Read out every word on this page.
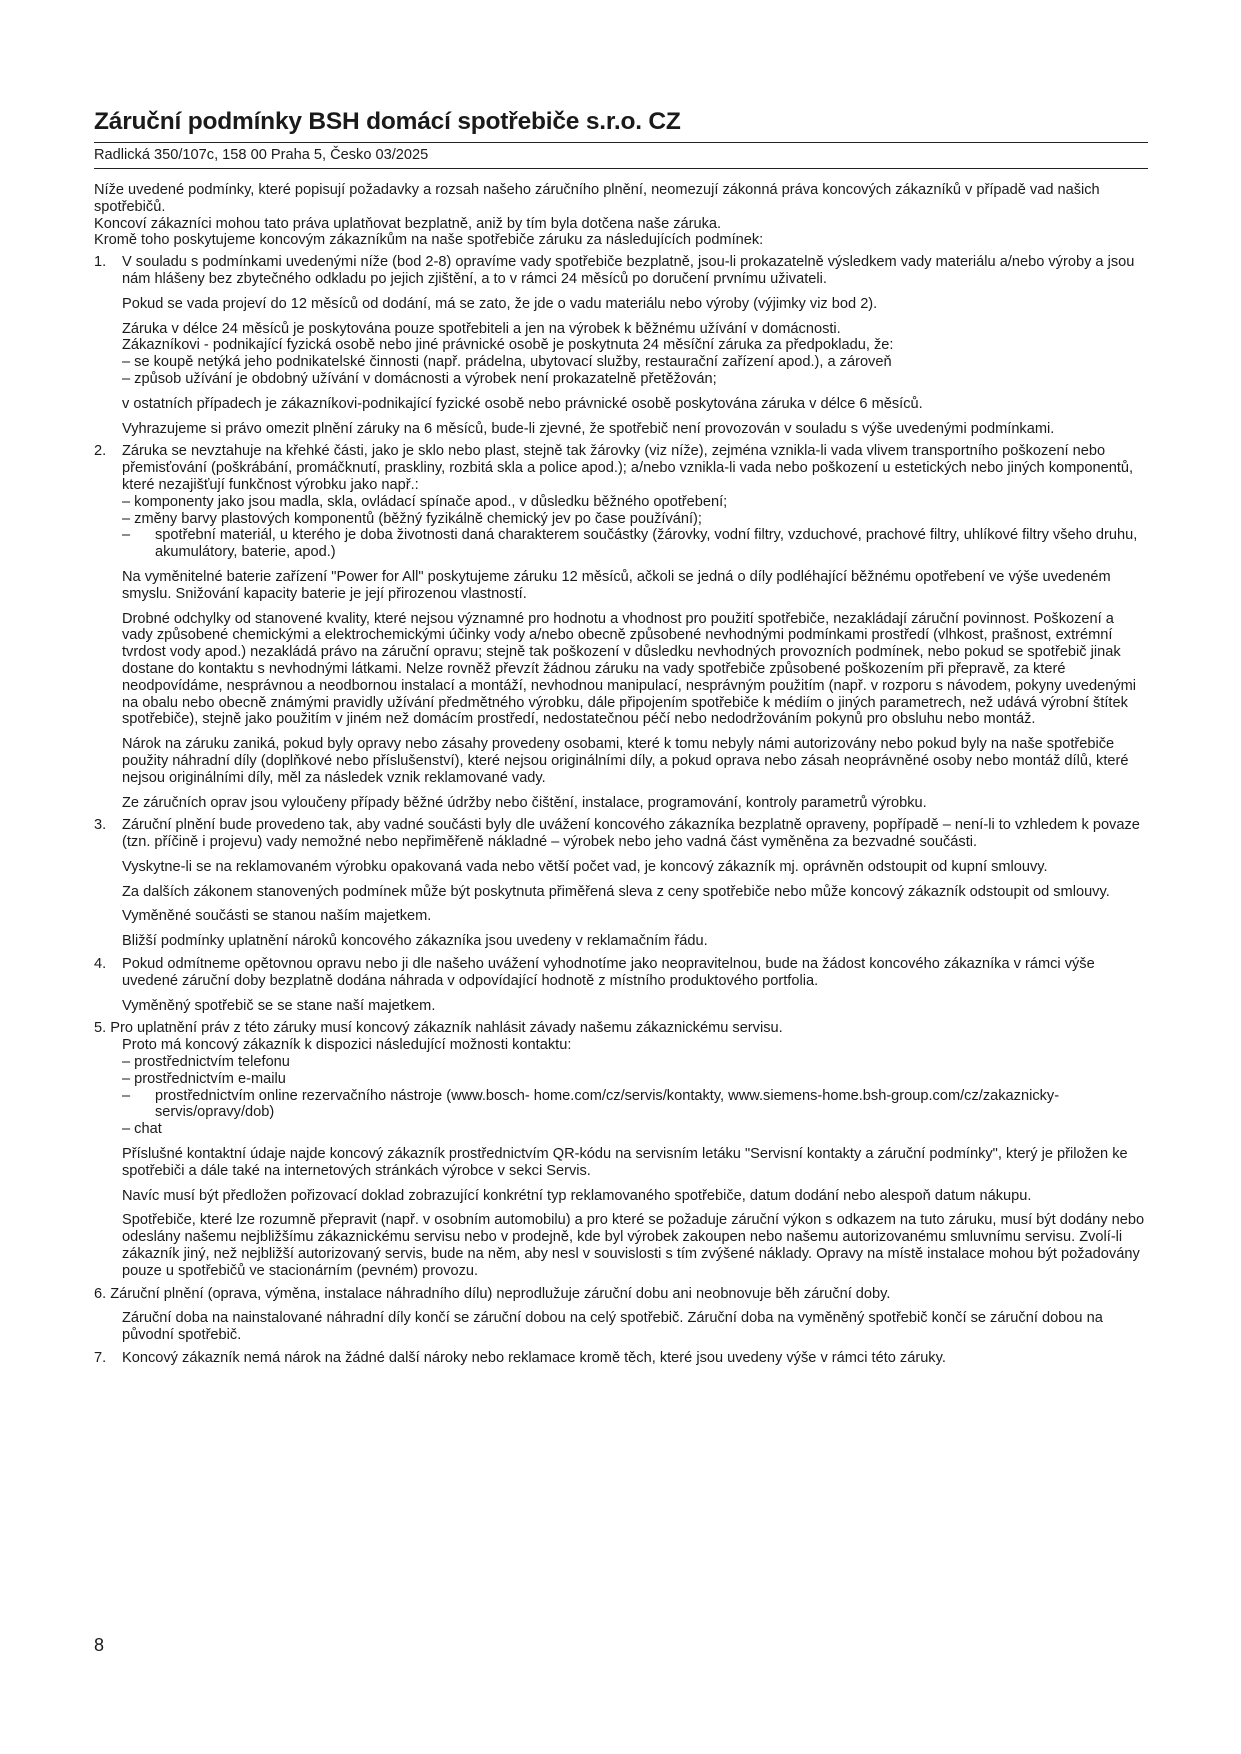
Záruční podmínky BSH domácí spotřebiče s.r.o. CZ
Radlická 350/107c, 158 00 Praha 5, Česko 03/2025

Níže uvedené podmínky, které popisují požadavky a rozsah našeho záručního plnění, neomezují zákonná práva koncových zákazníků v případě vad našich spotřebičů.

Koncoví zákazníci mohou tato práva uplatňovat bezplatně, aniž by tím byla dotčena naše záruka.

Kromě toho poskytujeme koncovým zákazníkům na naše spotřebiče záruku za následujících podmínek:

1.	V souladu s podmínkami uvedenými níže (bod 2-8) opravíme vady spotřebiče bezplatně, jsou-li prokazatelně výsledkem vady materiálu a/nebo výroby a jsou nám hlášeny bez zbytečného odkladu po jejich zjištění, a to v rámci 24 měsíců po doručení prvnímu uživateli.

Pokud se vada projeví do 12 měsíců od dodání, má se zato, že jde o vadu materiálu nebo výroby (výjimky viz bod 2).

Záruka v délce 24 měsíců je poskytována pouze spotřebiteli a jen na výrobek k běžnému užívání v domácnosti.

Zákazníkovi - podnikající fyzická osobě nebo jiné právnické osobě je poskytnuta 24 měsíční záruka za předpokladu, že:

– se koupě netýká jeho podnikatelské činnosti (např. prádelna, ubytovací služby, restaurační zařízení apod.), a zároveň

– způsob užívání je obdobný užívání v domácnosti a výrobek není prokazatelně přetěžován;

v ostatních případech je zákazníkovi-podnikající fyzické osobě nebo právnické osobě poskytována záruka v délce 6 měsíců.

Vyhrazujeme si právo omezit plnění záruky na 6 měsíců, bude-li zjevné, že spotřebič není provozován v souladu s výše uvedenými podmínkami.

2.	Záruka se nevztahuje na křehké části, jako je sklo nebo plast, stejně tak žárovky (viz níže), zejména vznikla-li vada vlivem transportního poškození nebo přemisťování (poškrábání, promáčknutí, praskliny, rozbitá skla a police apod.); a/nebo vznikla-li vada nebo poškození u estetických nebo jiných komponentů, které nezajišťují funkčnost výrobku jako např.:

– komponenty jako jsou madla, skla, ovládací spínače apod., v důsledku běžného opotřebení;
– změny barvy plastových komponentů (běžný fyzikálně chemický jev po čase používání);
–	spotřební materiál, u kterého je doba životnosti daná charakterem součástky (žárovky, vodní filtry, vzduchové, prachové filtry, uhlíkové filtry všeho druhu, akumulátory, baterie, apod.)

Na vyměnitelné baterie zařízení "Power for All" poskytujeme záruku 12 měsíců, ačkoli se jedná o díly podléhající běžnému opotřebení ve výše uvedeném smyslu. Snižování kapacity baterie je její přirozenou vlastností.

Drobné odchylky od stanovené kvality, které nejsou významné pro hodnotu a vhodnost pro použití spotřebiče, nezakládají záruční povinnost. Poškození a vady způsobené chemickými a elektrochemickými účinky vody a/nebo obecně způsobené nevhodnými podmínkami prostředí (vlhkost, prašnost, extrémní tvrdost vody apod.) nezakládá právo na záruční opravu; stejně tak poškození v důsledku nevhodných provozních podmínek, nebo pokud se spotřebič jinak dostane do kontaktu s nevhodnými látkami. Nelze rovněž převzít žádnou záruku na vady spotřebiče způsobené poškozením při přepravě, za které neodpovídáme, nesprávnou a neodbornou instalací a montáží, nevhodnou manipulací, nesprávným použitím (např. v rozporu s návodem, pokyny uvedenými na obalu nebo obecně známými pravidly užívání předmětného výrobku, dále připojením spotřebiče k médiím o jiných parametrech, než udává výrobní štítek spotřebiče), stejně jako použitím v jiném než domácím prostředí, nedostatečnou péčí nebo nedodržováním pokynů pro obsluhu nebo montáž.

Nárok na záruku zaniká, pokud byly opravy nebo zásahy provedeny osobami, které k tomu nebyly námi autorizovány nebo pokud byly na naše spotřebiče použity náhradní díly (doplňkové nebo příslušenství), které nejsou originálními díly, a pokud oprava nebo zásah neoprávněné osoby nebo montáž dílů, které nejsou originálními díly, měl za následek vznik reklamované vady.

Ze záručních oprav jsou vyloučeny případy běžné údržby nebo čištění, instalace, programování, kontroly parametrů výrobku.

3.	Záruční plnění bude provedeno tak, aby vadné součásti byly dle uvážení koncového zákazníka bezplatně opraveny, popřípadě – není-li to vzhledem k povaze (tzn. příčině i projevu) vady nemožné nebo nepřiměřeně nákladné – výrobek nebo jeho vadná část vyměněna za bezvadné součásti.

Vyskytne-li se na reklamovaném výrobku opakovaná vada nebo větší počet vad, je koncový zákazník mj. oprávněn odstoupit od kupní smlouvy.

Za dalších zákonem stanovených podmínek může být poskytnuta přiměřená sleva z ceny spotřebiče nebo může koncový zákazník odstoupit od smlouvy.

Vyměněné součásti se stanou naším majetkem.

Bližší podmínky uplatnění nároků koncového zákazníka jsou uvedeny v reklamačním řádu.

4.	Pokud odmítneme opětovnou opravu nebo ji dle našeho uvážení vyhodnotíme jako neopravitelnou, bude na žádost koncového zákazníka v rámci výše uvedené záruční doby bezplatně dodána náhrada v odpovídající hodnotě z místního produktového portfolia.

Vyměněný spotřebič se se stane naší majetkem.

5. Pro uplatnění práv z této záruky musí koncový zákazník nahlásit závady našemu zákaznickému servisu.

Proto má koncový zákazník k dispozici následující možnosti kontaktu:

– prostřednictvím telefonu
– prostřednictvím e-mailu
–	prostřednictvím online rezervačního nástroje (www.bosch- home.com/cz/servis/kontakty, www.siemens-home.bsh-group.com/cz/zakaznicky-servis/opravy/dob)

– chat

Příslušné kontaktní údaje najde koncový zákazník prostřednictvím QR-kódu na servisním letáku "Servisní kontakty a záruční podmínky", který je přiložen ke spotřebiči a dále také na internetových stránkách výrobce v sekci Servis.

Navíc musí být předložen pořizovací doklad zobrazující konkrétní typ reklamovaného spotřebiče, datum dodání nebo alespoň datum nákupu.

Spotřebiče, které lze rozumně přepravit (např. v osobním automobilu) a pro které se požaduje záruční výkon s odkazem na tuto záruku, musí být dodány nebo odeslány našemu nejbližšímu zákaznickému servisu nebo v prodejně, kde byl výrobek zakoupen nebo našemu autorizovanému smluvnímu servisu. Zvolí-li zákazník jiný, než nejbližší autorizovaný servis, bude na něm, aby nesl v souvislosti s tím zvýšené náklady. Opravy na místě instalace mohou být požadovány pouze u spotřebičů ve stacionárním (pevném) provozu.

6. Záruční plnění (oprava, výměna, instalace náhradního dílu) neprodlužuje záruční dobu ani neobnovuje běh záruční doby.

Záruční doba na nainstalované náhradní díly končí se záruční dobou na celý spotřebič. Záruční doba na vyměněný spotřebič končí se záruční dobou na původní spotřebič.

7.	Koncový zákazník nemá nárok na žádné další nároky nebo reklamace kromě těch, které jsou uvedeny výše v rámci této záruky.

8
